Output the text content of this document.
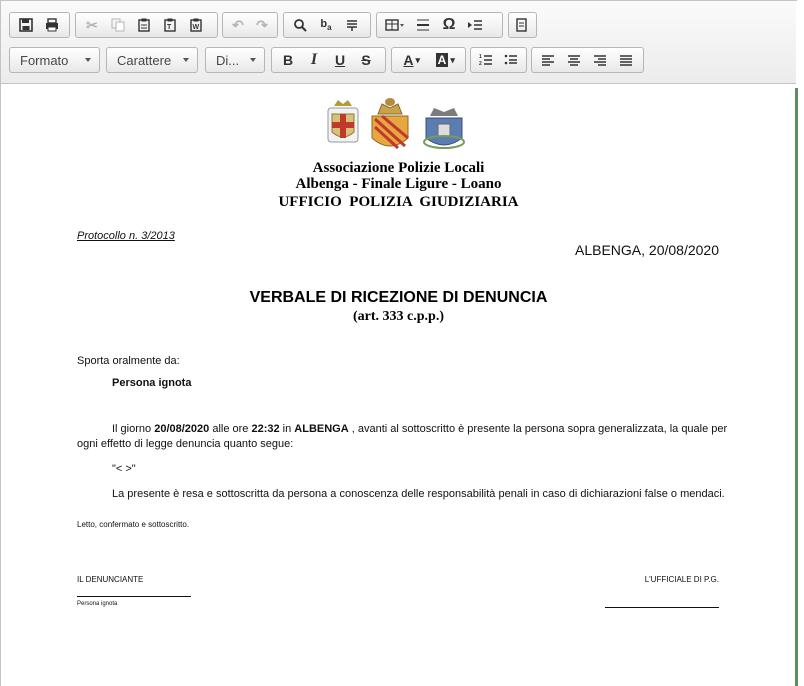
✂	T	W	↶ ↷	$b_a$	Ω
Formato	Carattere	Di...	B	I	U	S	A ▾ A ▾	1
2
Associazione Polizie Locali
Albenga - Finale Ligure - Loano
UFFICIO  POLIZIA  GIUDIZIARIA
Protocollo n. 3/2013
ALBENGA, 20/08/2020
VERBALE DI RICEZIONE DI DENUNCIA
(art. 333 c.p.p.)
Sporta oralmente da:
Persona ignota
Il giorno 20/08/2020 alle ore 22:32 in ALBENGA , avanti al sottoscritto è presente la persona sopra generalizzata, la quale per
ogni effetto di legge denuncia quanto segue:
"< >"
La presente è resa e sottoscritta da persona a conoscenza delle responsabilità penali in caso di dichiarazioni false o mendaci.
Letto, confermato e sottoscritto.
IL DENUNCIANTE
Persona ignota
L'UFFICIALE DI P.G.
